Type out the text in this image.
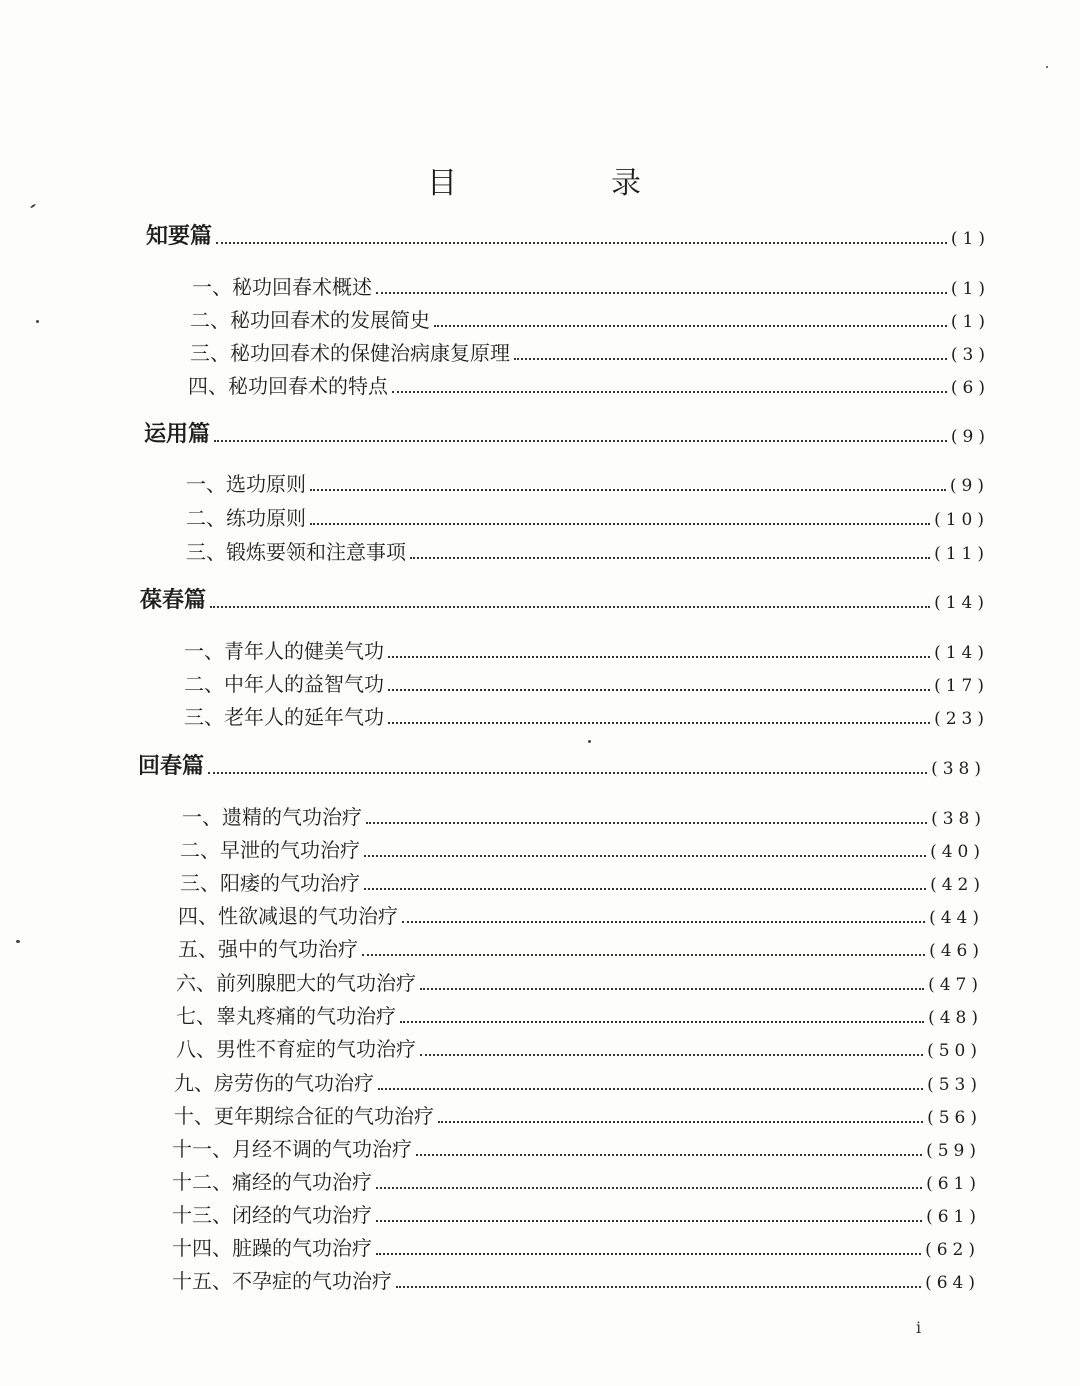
目　录
知要篇	(1)
一、秘功回春术概述	(1)
二、秘功回春术的发展简史	(1)
三、秘功回春术的保健治病康复原理	(3)
四、秘功回春术的特点	(6)
运用篇	(9)
一、选功原则	(9)
二、练功原则	(10)
三、锻炼要领和注意事项	(11)
葆春篇	(14)
一、青年人的健美气功	(14)
二、中年人的益智气功	(17)
三、老年人的延年气功	(23)
回春篇	(38)
一、遗精的气功治疗	(38)
二、早泄的气功治疗	(40)
三、阳痿的气功治疗	(42)
四、性欲减退的气功治疗	(44)
五、强中的气功治疗	(46)
六、前列腺肥大的气功治疗	(47)
七、睾丸疼痛的气功治疗	(48)
八、男性不育症的气功治疗	(50)
九、房劳伤的气功治疗	(53)
十、更年期综合征的气功治疗	(56)
十一、月经不调的气功治疗	(59)
十二、痛经的气功治疗	(61)
十三、闭经的气功治疗	(61)
十四、脏躁的气功治疗	(62)
十五、不孕症的气功治疗	(64)
i
